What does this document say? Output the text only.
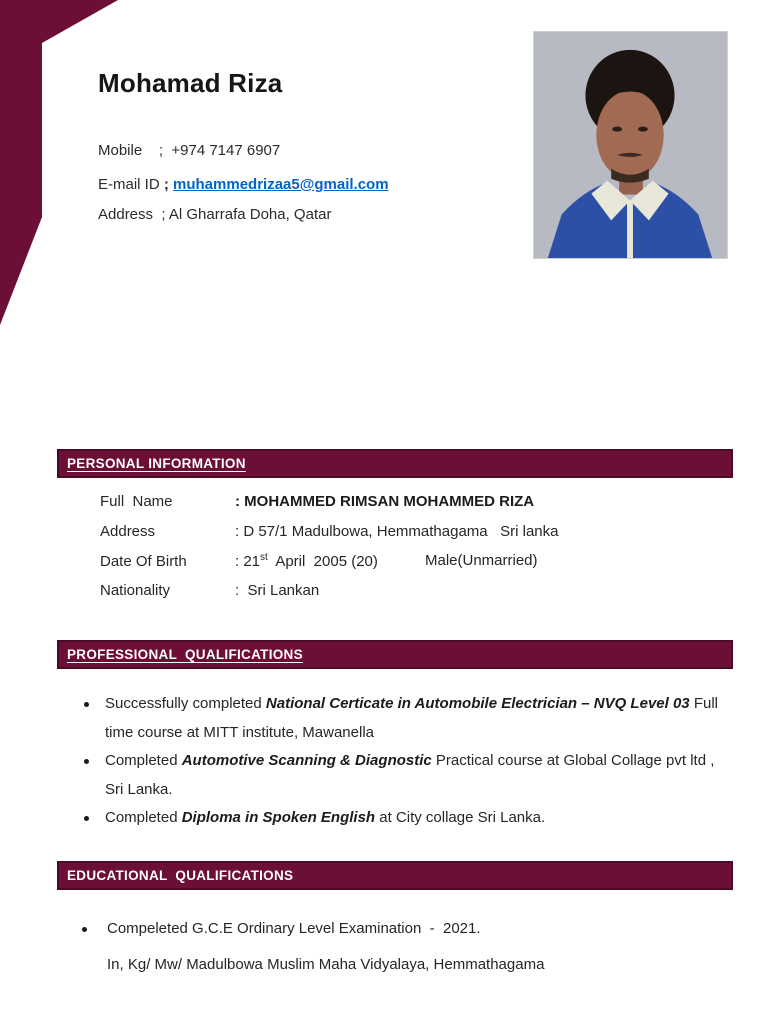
Mohamad Riza
Mobile    ;  +974 7147 6907
E-mail ID ; muhammedrizaa5@gmail.com
Address  ; Al Gharrafa Doha, Qatar
PERSONAL INFORMATION
Full  Name	: MOHAMMED RIMSAN MOHAMMED RIZA
Address	: D 57/1 Madulbowa, Hemmathagama   Sri lanka
Date Of Birth	: 21st  April  2005 (20)	Male(Unmarried)
Nationality	:  Sri Lankan
PROFESSIONAL  QUALIFICATIONS
Successfully completed National Certicate in Automobile Electrician – NVQ Level 03 Full  time course at MITT institute, Mawanella
Completed Automotive Scanning & Diagnostic Practical course at Global Collage pvt ltd , Sri Lanka.
Completed Diploma in Spoken English at City collage Sri Lanka.
EDUCATIONAL  QUALIFICATIONS
Compeleted G.C.E Ordinary Level Examination  -  2021.
In, Kg/ Mw/ Madulbowa Muslim Maha Vidyalaya, Hemmathagama
